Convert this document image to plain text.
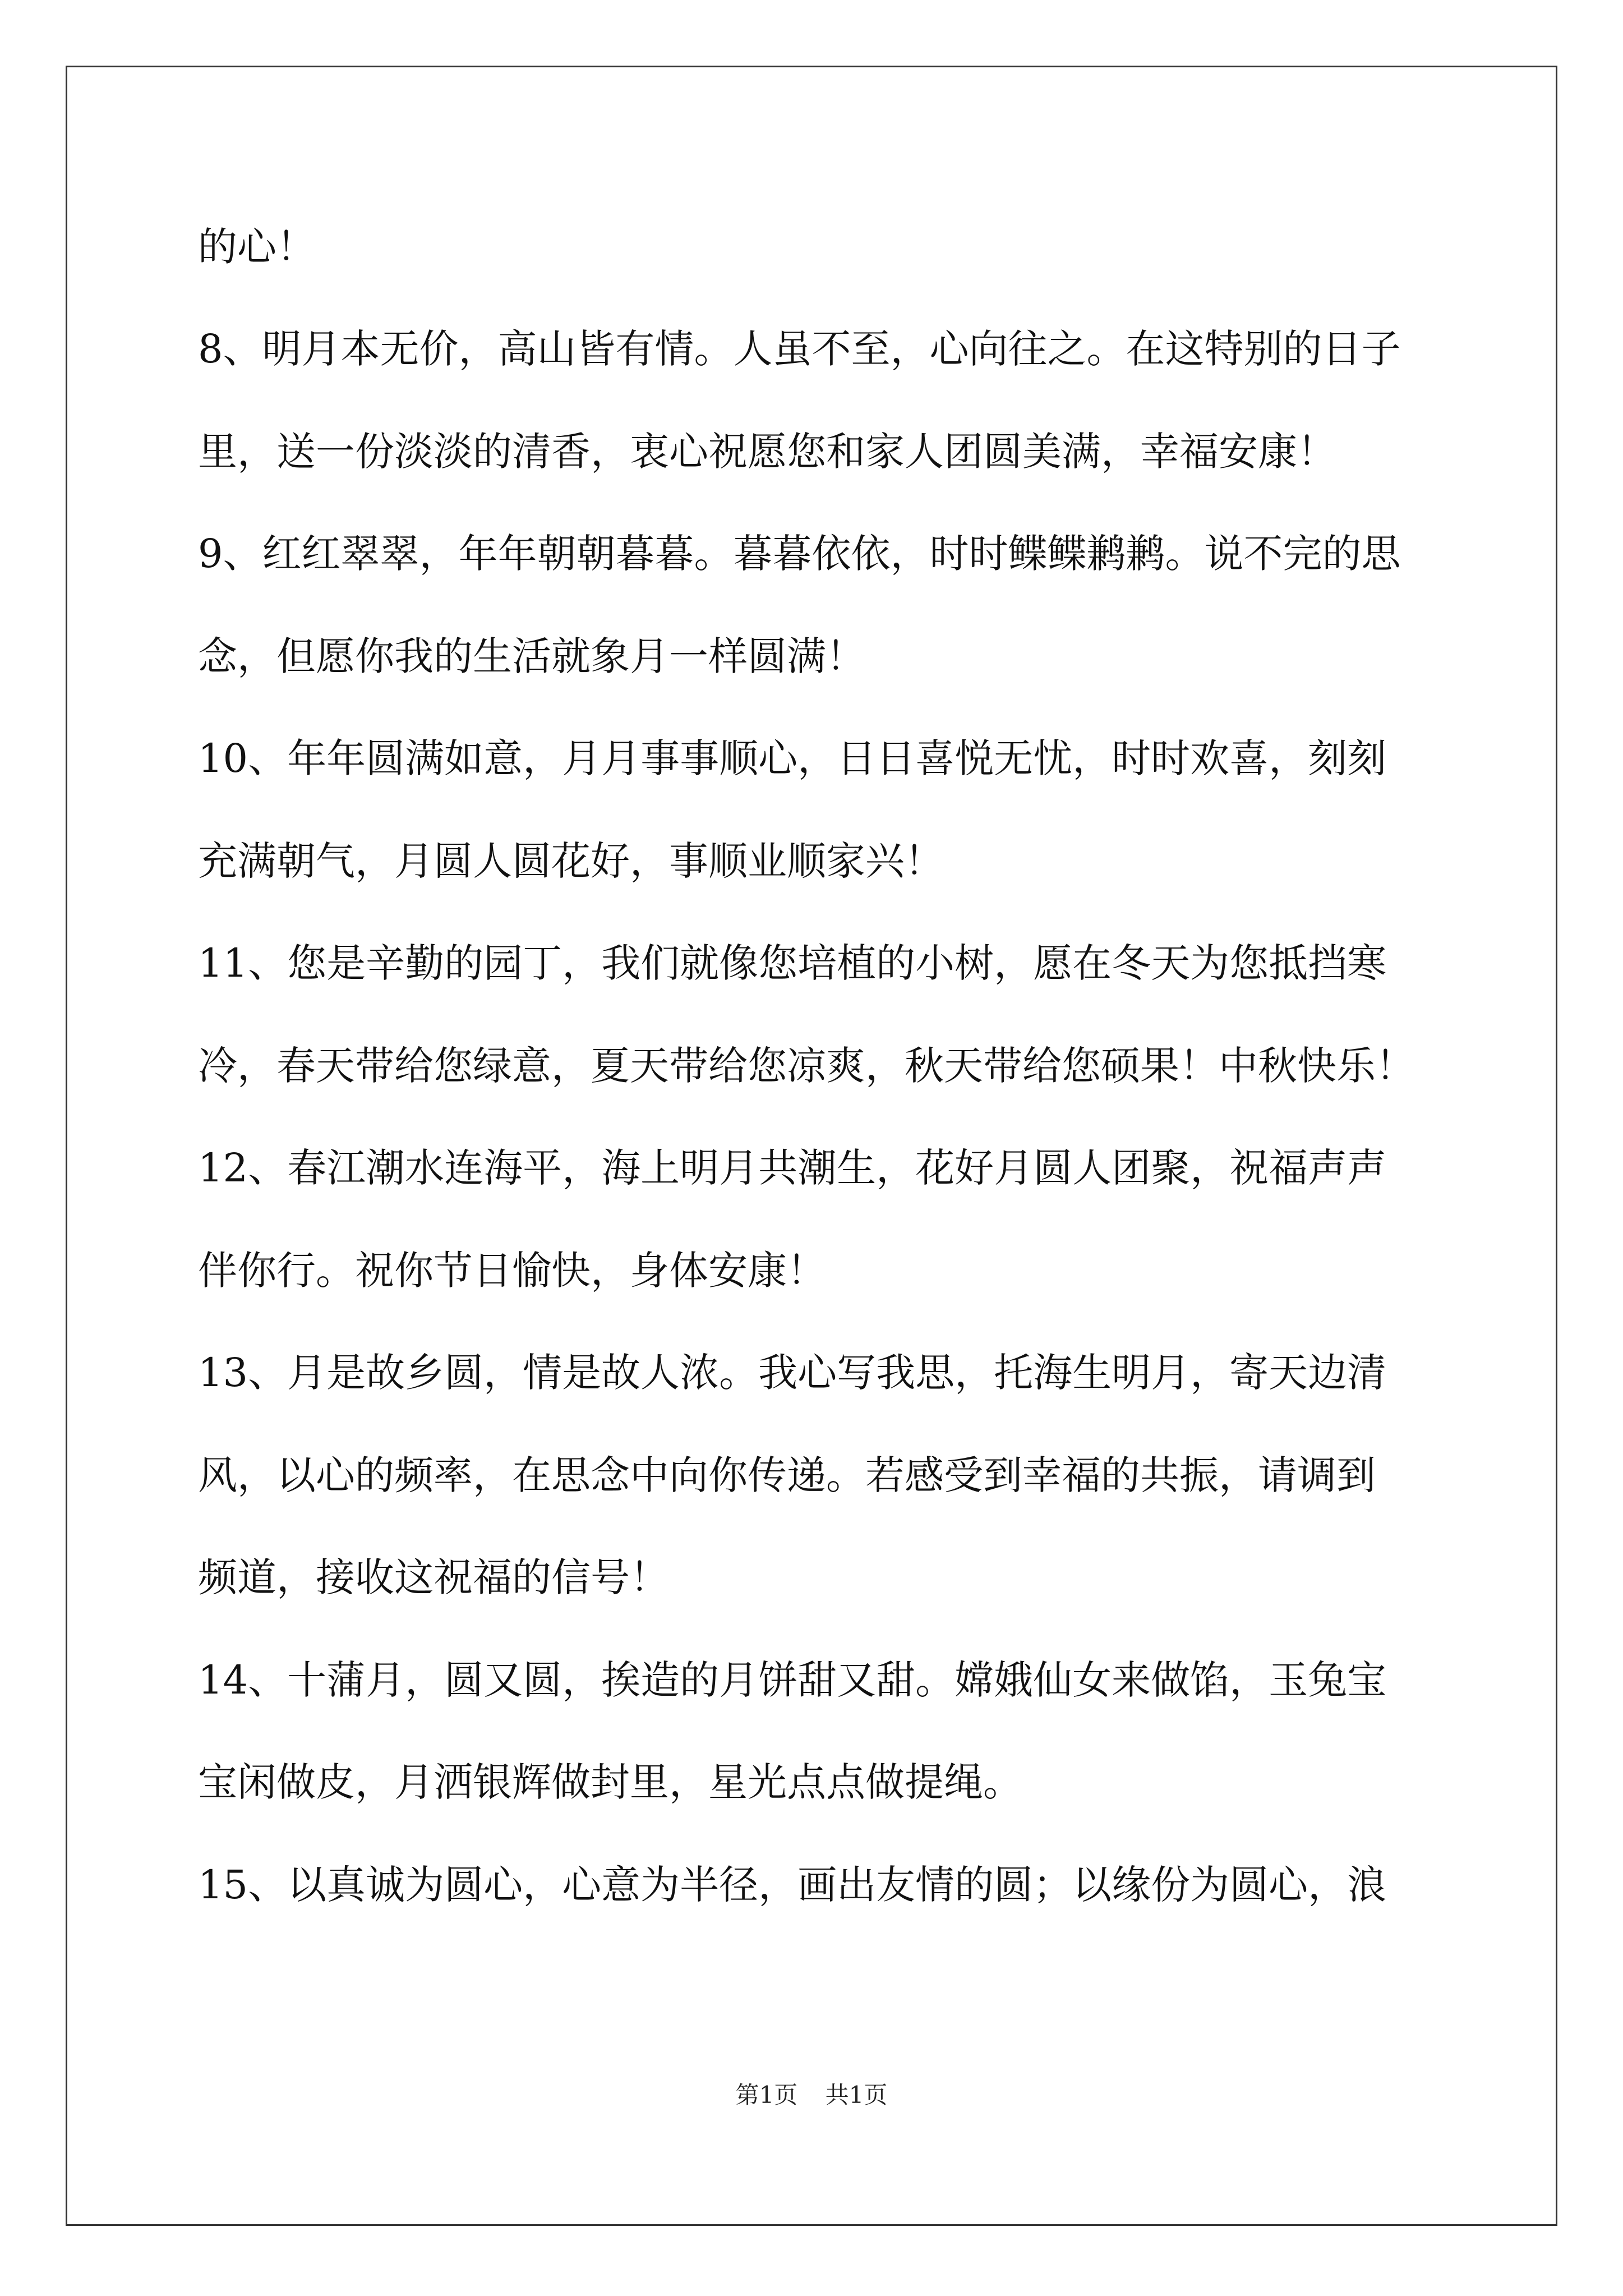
的心！

8、明月本无价，高山皆有情。人虽不至，心向往之。在这特别的日子

里，送一份淡淡的清香，衷心祝愿您和家人团圆美满，幸福安康！

9、红红翠翠，年年朝朝暮暮。暮暮依依，时时鲽鲽鹣鹣。说不完的思

念，但愿你我的生活就象月一样圆满！

10、年年圆满如意，月月事事顺心，日日喜悦无忧，时时欢喜，刻刻

充满朝气，月圆人圆花好，事顺业顺家兴！

11、您是辛勤的园丁，我们就像您培植的小树，愿在冬天为您抵挡寒

冷，春天带给您绿意，夏天带给您凉爽，秋天带给您硕果！中秋快乐！

12、春江潮水连海平，海上明月共潮生，花好月圆人团聚，祝福声声

伴你行。祝你节日愉快，身体安康！

13、月是故乡圆，情是故人浓。我心写我思，托海生明月，寄天边清

风，以心的频率，在思念中向你传递。若感受到幸福的共振，请调到

频道，接收这祝福的信号！

14、十蒲月，圆又圆，挨造的月饼甜又甜。嫦娥仙女来做馅，玉兔宝

宝闲做皮，月洒银辉做封里，星光点点做提绳。

15、以真诚为圆心，心意为半径，画出友情的圆；以缘份为圆心，浪

第1页 共1页
